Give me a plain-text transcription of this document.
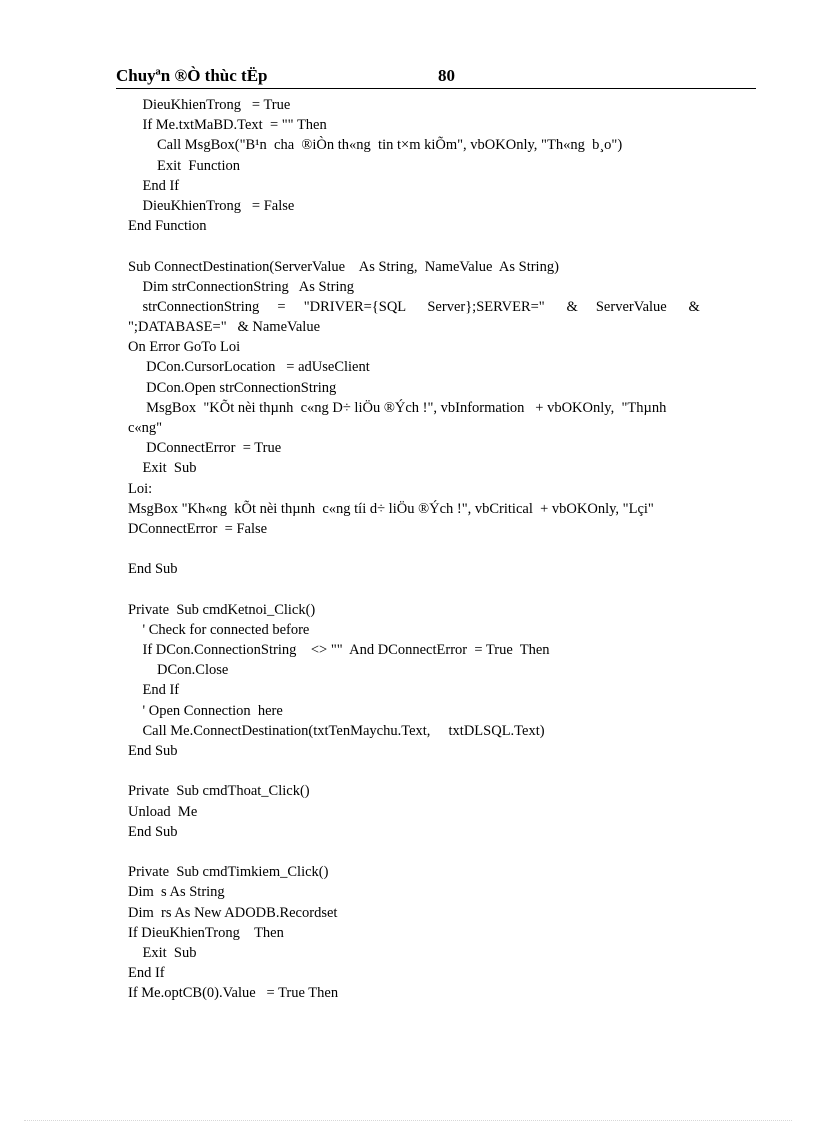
Chuyªn ®Ò thùc tËp	80
DieuKhienTrong   = True
If Me.txtMaBD.Text  = "" Then
Call MsgBox("B¹n  cha  ®iÒn th«ng  tin t×m kiÕm", vbOKOnly, "Th«ng  b¸o")
Exit  Function
End If
DieuKhienTrong   = False
End Function

Sub ConnectDestination(ServerValue    As String,  NameValue  As String)
Dim strConnectionString   As String
strConnectionString     =     "DRIVER={SQL      Server};SERVER="      &     ServerValue      &
";DATABASE="   & NameValue
On Error GoTo Loi
DCon.CursorLocation   = adUseClient
DCon.Open strConnectionString
MsgBox  "KÕt nèi thµnh  c«ng D÷ liÖu ®Ých !", vbInformation   + vbOKOnly,  "Thµnh
c«ng"
DConnectError  = True
Exit  Sub
Loi:
MsgBox "Kh«ng  kÕt nèi thµnh  c«ng tíi d÷ liÖu ®Ých !", vbCritical  + vbOKOnly, "Lçi"
DConnectError  = False

End Sub

Private  Sub cmdKetnoi_Click()
' Check for connected before
If DCon.ConnectionString    <> ""  And DConnectError  = True  Then
DCon.Close
End If
' Open Connection  here
Call Me.ConnectDestination(txtTenMaychu.Text,     txtDLSQL.Text)
End Sub

Private  Sub cmdThoat_Click()
Unload  Me
End Sub

Private  Sub cmdTimkiem_Click()
Dim  s As String
Dim  rs As New ADODB.Recordset
If DieuKhienTrong    Then
Exit  Sub
End If
If Me.optCB(0).Value   = True Then
